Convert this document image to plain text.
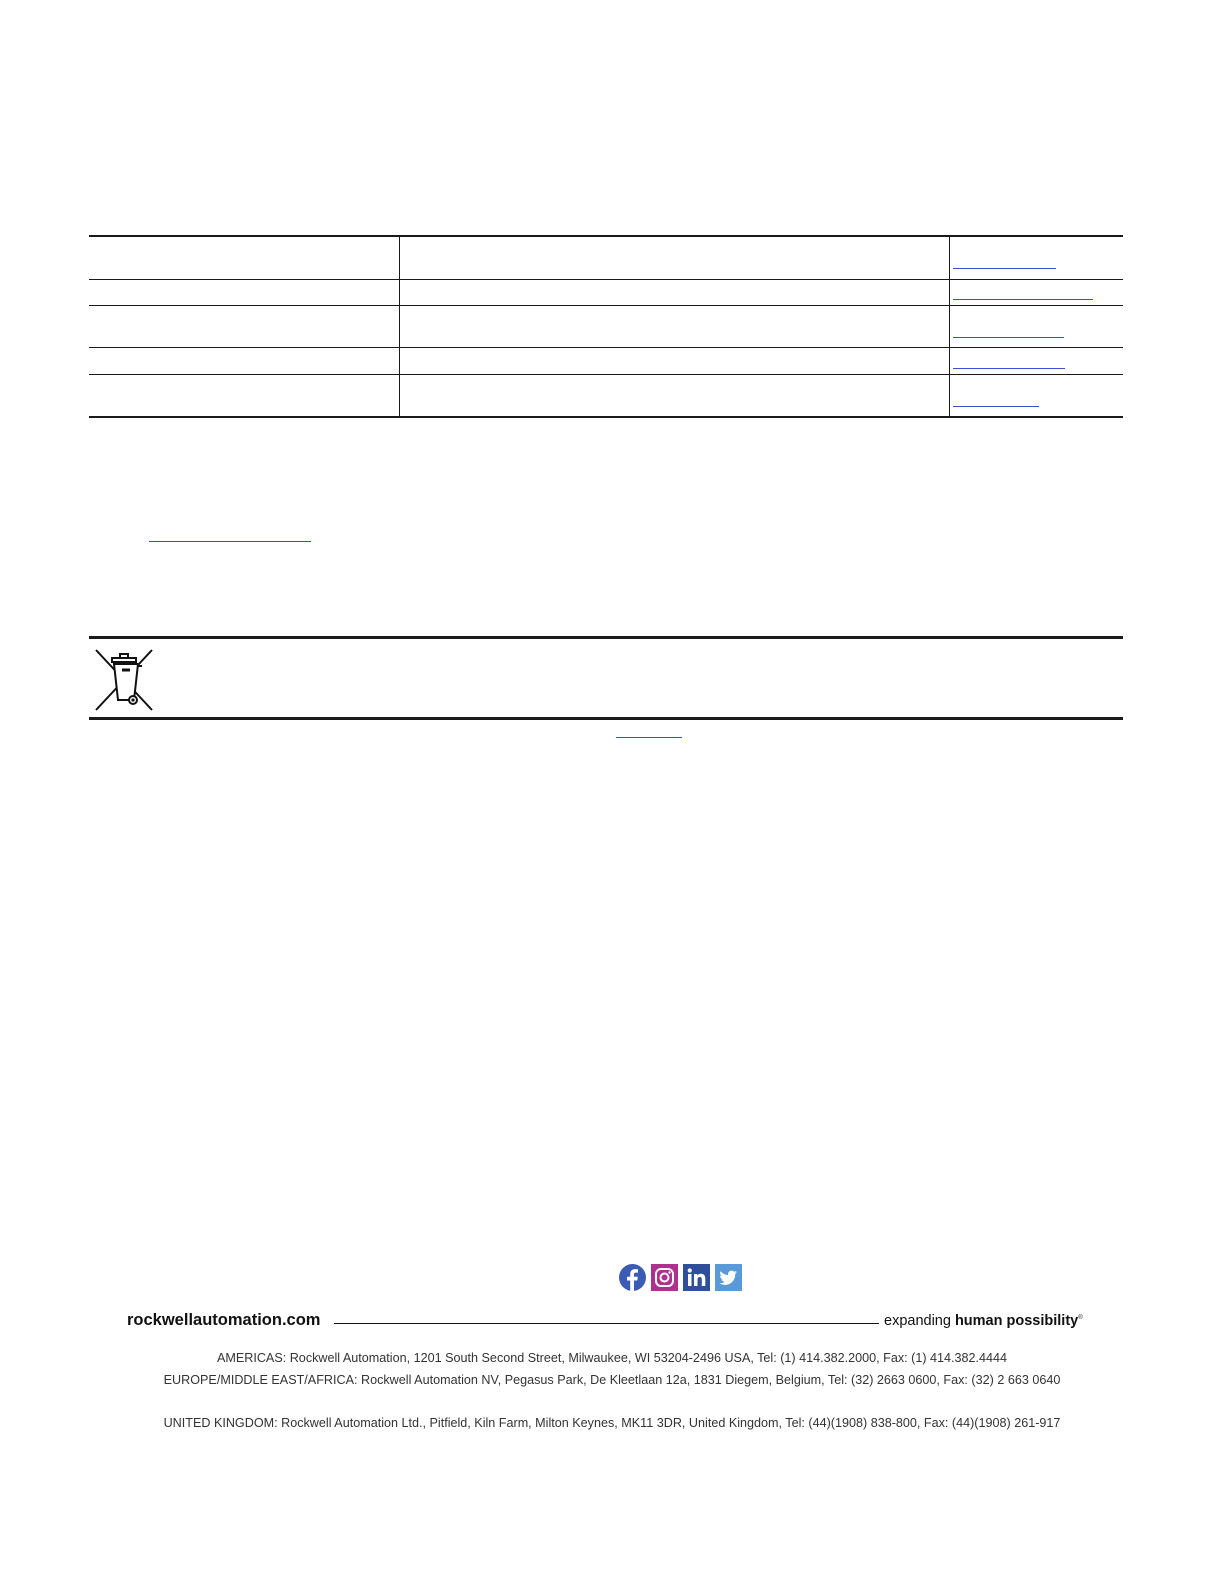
rockwellautomation.com	expanding human possibility®
AMERICAS: Rockwell Automation, 1201 South Second Street, Milwaukee, WI 53204-2496 USA, Tel: (1) 414.382.2000, Fax: (1) 414.382.4444
EUROPE/MIDDLE EAST/AFRICA: Rockwell Automation NV, Pegasus Park, De Kleetlaan 12a, 1831 Diegem, Belgium, Tel: (32) 2663 0600, Fax: (32) 2 663 0640
UNITED KINGDOM: Rockwell Automation Ltd., Pitfield, Kiln Farm, Milton Keynes, MK11 3DR, United Kingdom, Tel: (44)(1908) 838-800, Fax: (44)(1908) 261-917
